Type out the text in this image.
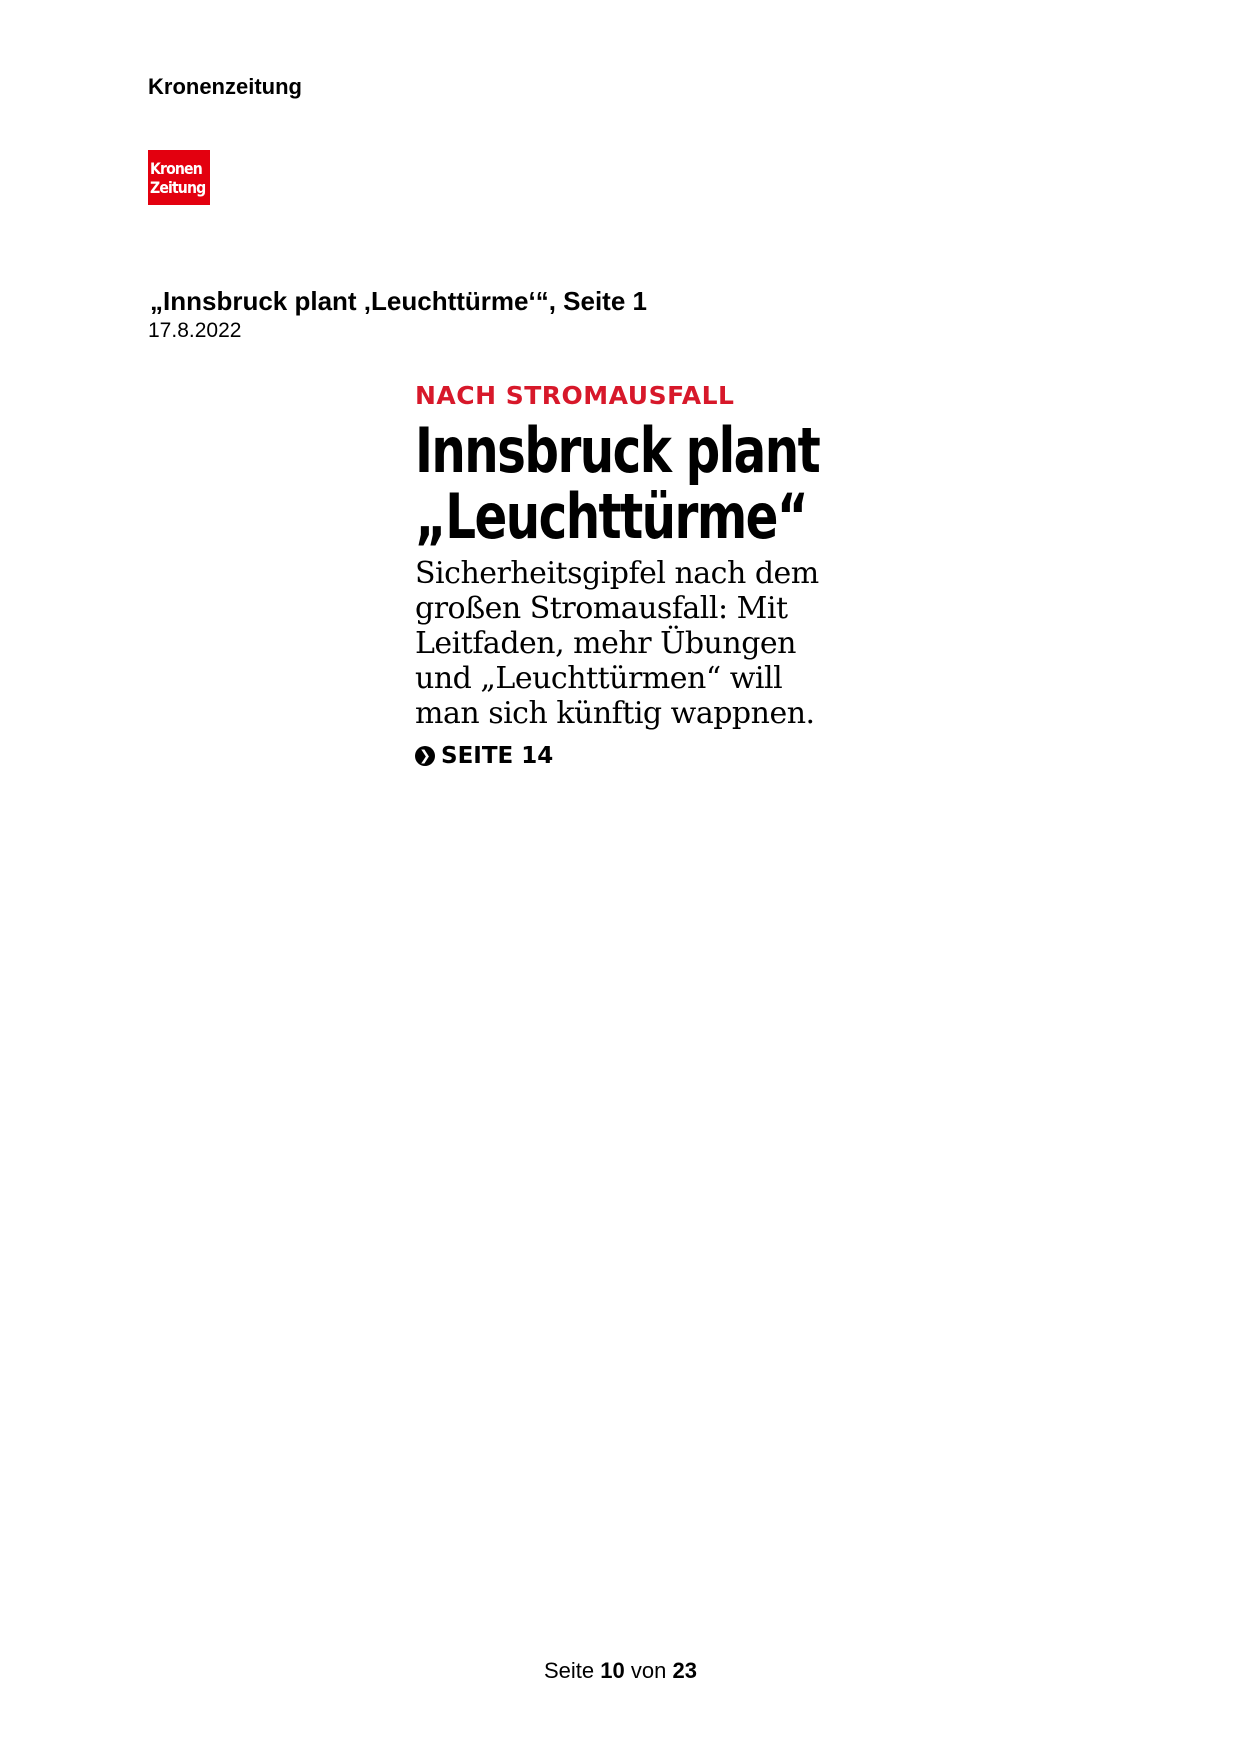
Kronenzeitung
Kronen
Zeitung
„Innsbruck plant ‚Leuchttürme‘“, Seite 1
17.8.2022
NACH STROMAUSFALL
Innsbruck plant
„Leuchttürme“
Sicherheitsgipfel nach dem
großen Stromausfall: Mit
Leitfaden, mehr Übungen
und „Leuchttürmen“ will
man sich künftig wappnen.
❯ SEITE 14
Seite 10 von 23
